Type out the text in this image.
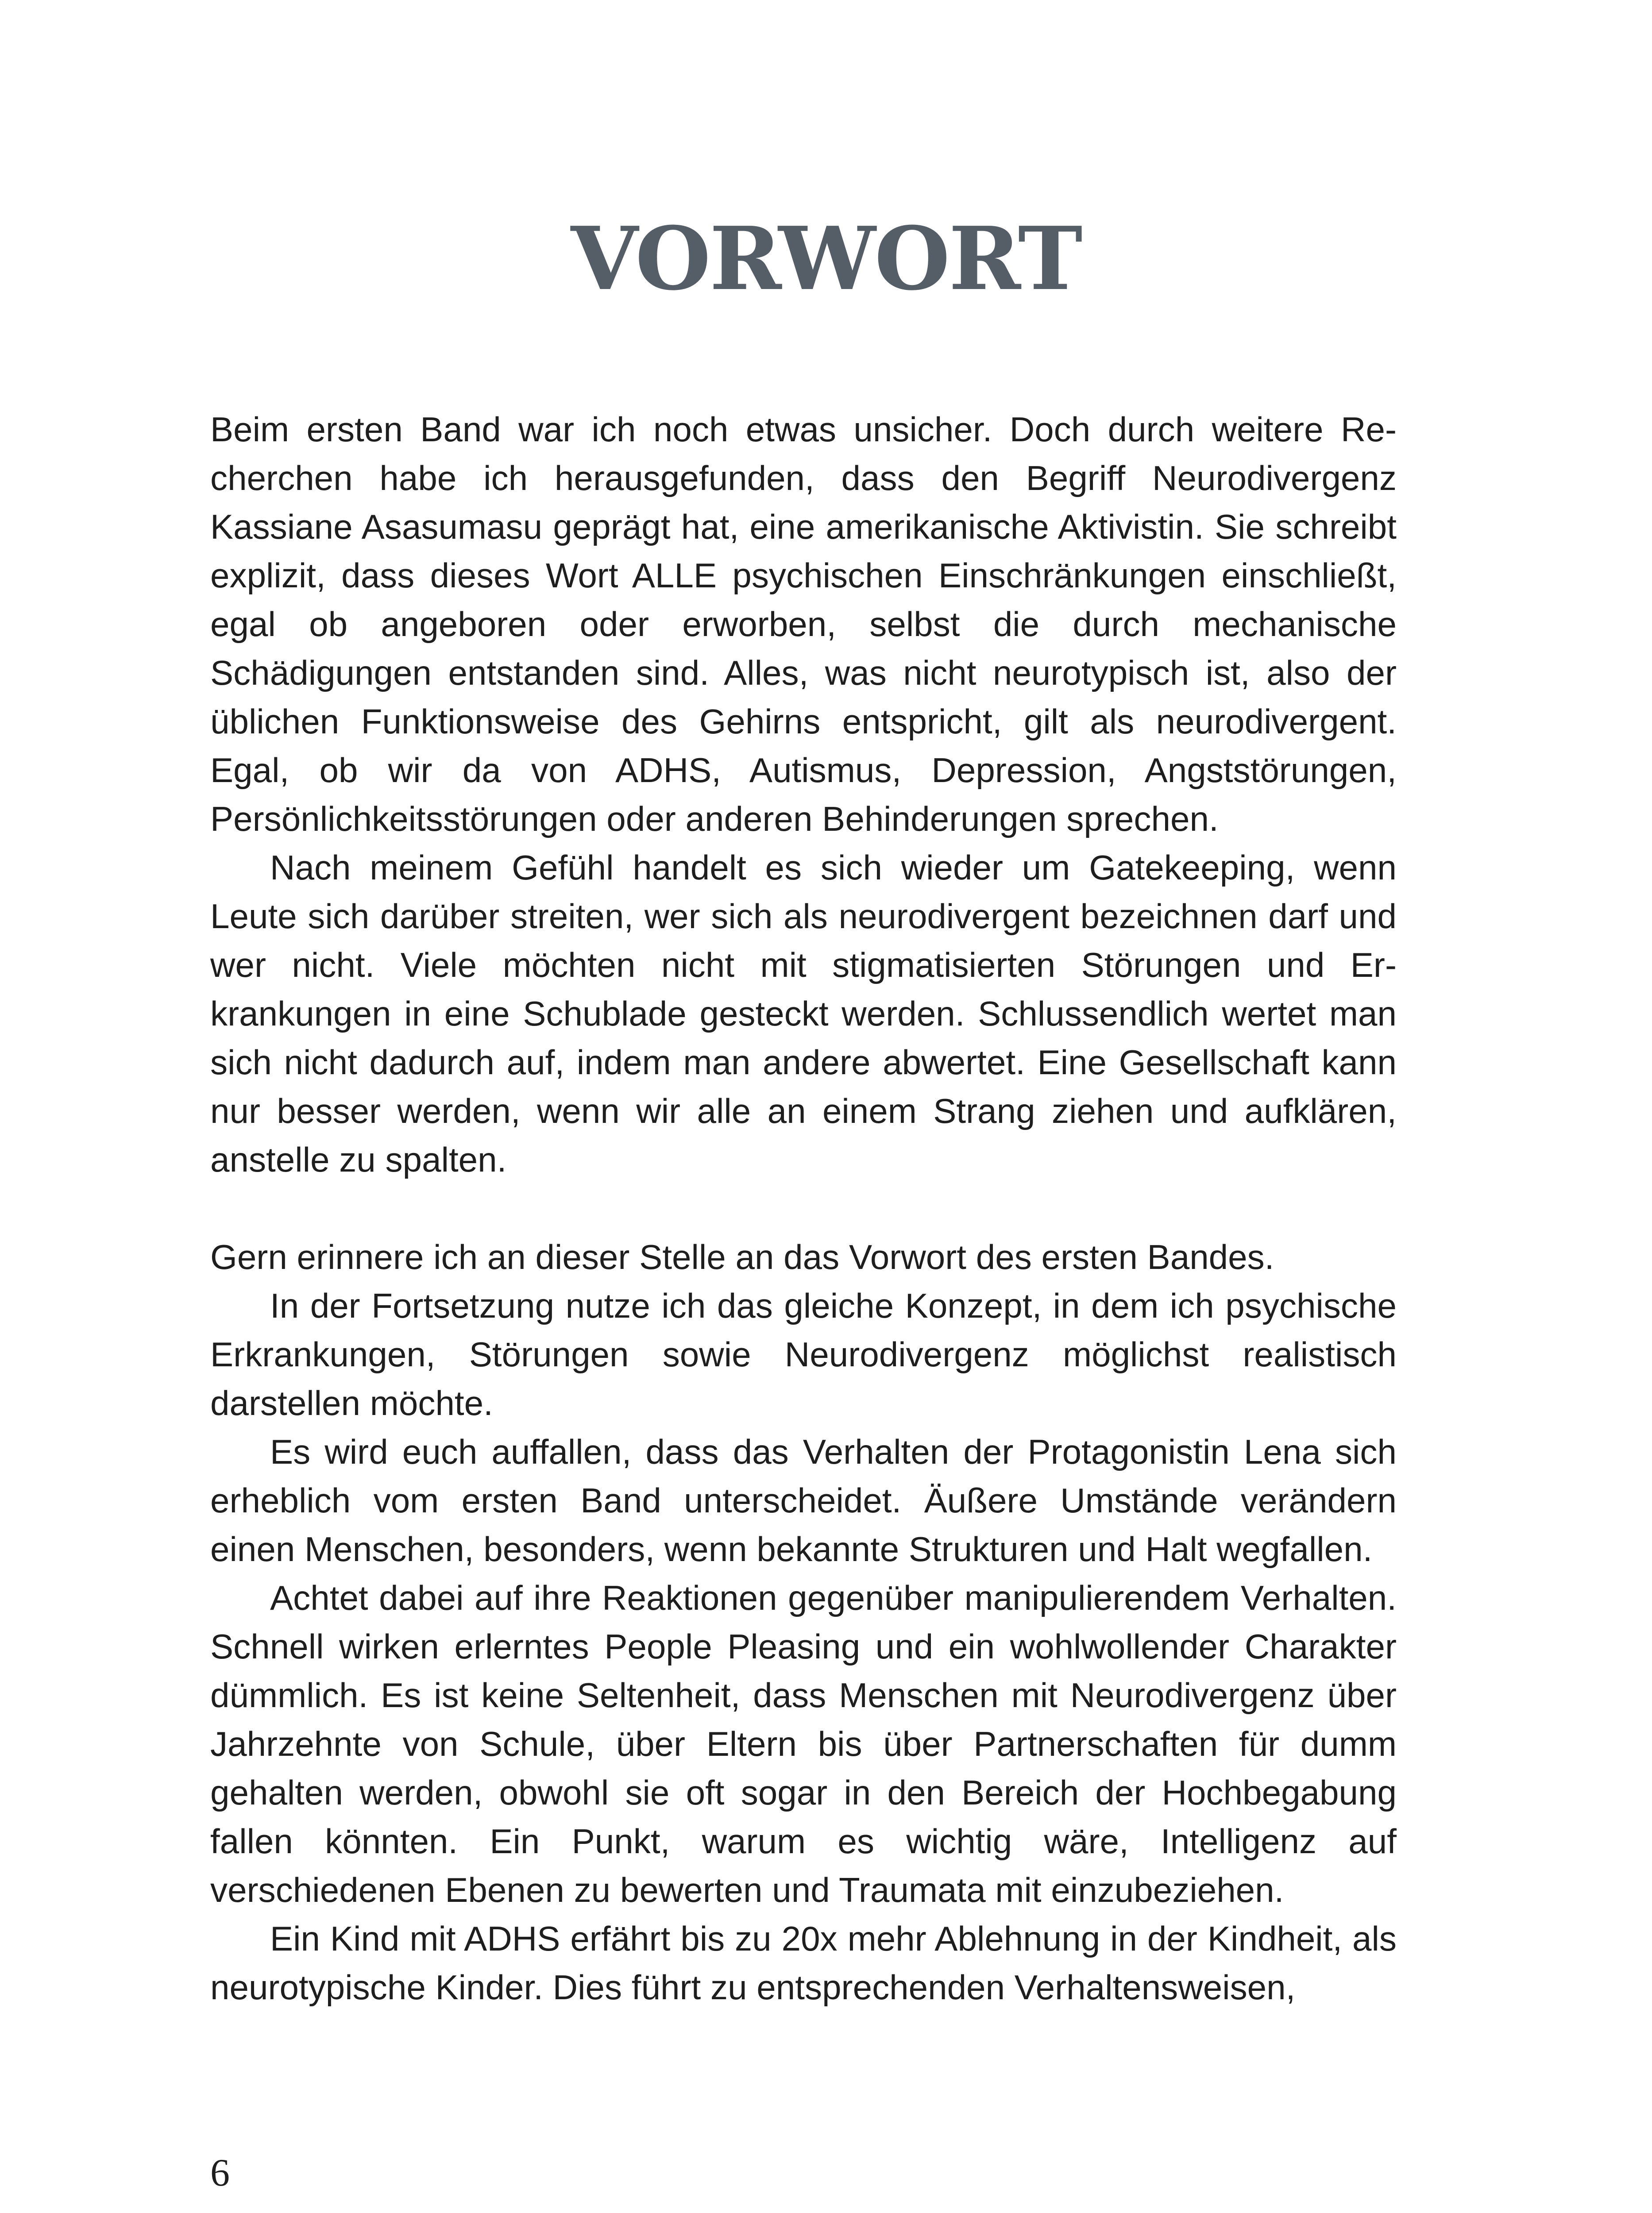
VORWORT

Beim ersten Band war ich noch etwas unsicher. Doch durch weitere Recherchen habe ich herausgefunden, dass den Begriff Neurodivergenz Kassiane Asasumasu geprägt hat, eine amerikanische Aktivistin. Sie schreibt explizit, dass dieses Wort ALLE psychischen Einschränkungen einschließt, egal ob angeboren oder erworben, selbst die durch mechanische Schädigungen entstanden sind. Alles, was nicht neurotypisch ist, also der üblichen Funktionsweise des Gehirns entspricht, gilt als neurodivergent. Egal, ob wir da von ADHS, Autismus, Depression, Angststörungen, Persönlichkeitsstörungen oder anderen Behinderungen sprechen.

Nach meinem Gefühl handelt es sich wieder um Gatekeeping, wenn Leute sich darüber streiten, wer sich als neurodivergent bezeichnen darf und wer nicht. Viele möchten nicht mit stigmatisierten Störungen und Erkrankungen in eine Schublade gesteckt werden. Schlussendlich wertet man sich nicht dadurch auf, indem man andere abwertet. Eine Gesellschaft kann nur besser werden, wenn wir alle an einem Strang ziehen und aufklären, anstelle zu spalten.

Gern erinnere ich an dieser Stelle an das Vorwort des ersten Bandes.

In der Fortsetzung nutze ich das gleiche Konzept, in dem ich psychische Erkrankungen, Störungen sowie Neurodivergenz möglichst realistisch darstellen möchte.

Es wird euch auffallen, dass das Verhalten der Protagonistin Lena sich erheblich vom ersten Band unterscheidet. Äußere Umstände verändern einen Menschen, besonders, wenn bekannte Strukturen und Halt wegfallen.

Achtet dabei auf ihre Reaktionen gegenüber manipulierendem Verhalten. Schnell wirken erlerntes People Pleasing und ein wohlwollender Charakter dümmlich. Es ist keine Seltenheit, dass Menschen mit Neurodivergenz über Jahrzehnte von Schule, über Eltern bis über Partnerschaften für dumm gehalten werden, obwohl sie oft sogar in den Bereich der Hochbegabung fallen könnten. Ein Punkt, warum es wichtig wäre, Intelligenz auf verschiedenen Ebenen zu bewerten und Traumata mit einzubeziehen.

Ein Kind mit ADHS erfährt bis zu 20x mehr Ablehnung in der Kindheit, als neurotypische Kinder. Dies führt zu entsprechenden Verhaltensweisen,

6
